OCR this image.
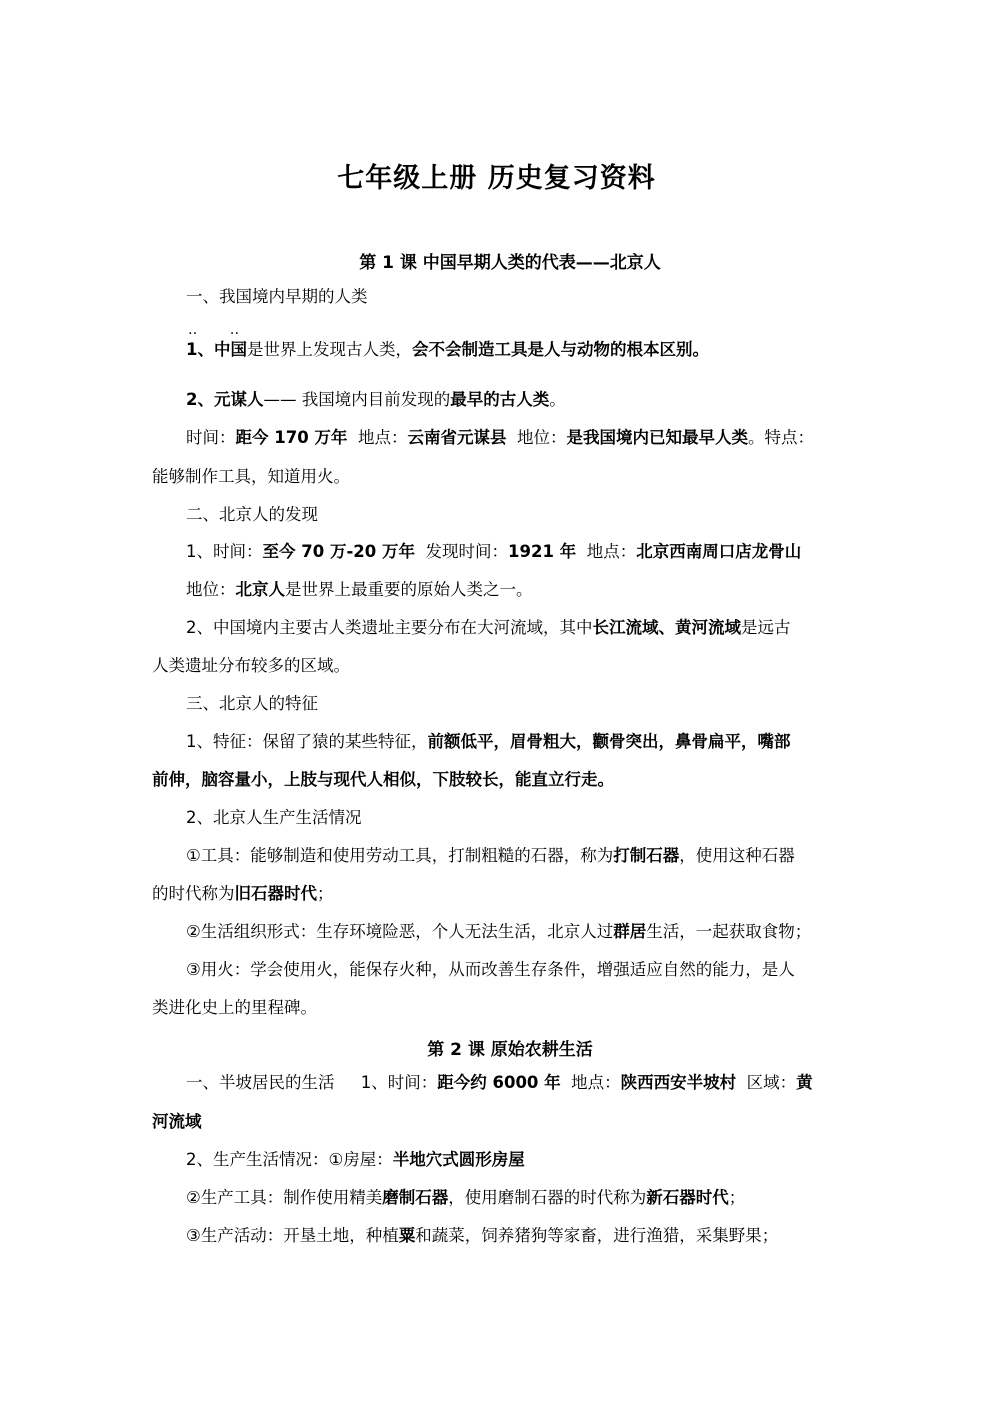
七年级上册 历史复习资料
第 1 课 中国早期人类的代表——北京人
一、我国境内早期的人类
‥ ‥
1、中国是世界上发现古人类，会不会制造工具是人与动物的根本区别。
2、元谋人—— 我国境内目前发现的最早的古人类。
时间：距今 170 万年 地点：云南省元谋县 地位：是我国境内已知最早人类。特点：
能够制作工具，知道用火。
二、北京人的发现
1、时间：至今 70 万-20 万年 发现时间：1921 年 地点：北京西南周口店龙骨山
地位：北京人是世界上最重要的原始人类之一。
2、中国境内主要古人类遗址主要分布在大河流域，其中长江流域、黄河流域是远古
人类遗址分布较多的区域。
三、北京人的特征
1、特征：保留了猿的某些特征，前额低平，眉骨粗大，颧骨突出，鼻骨扁平，嘴部
前伸，脑容量小，上肢与现代人相似，下肢较长，能直立行走。
2、北京人生产生活情况
①工具：能够制造和使用劳动工具，打制粗糙的石器，称为打制石器，使用这种石器
的时代称为旧石器时代；
②生活组织形式：生存环境险恶，个人无法生活，北京人过群居生活，一起获取食物；
③用火：学会使用火，能保存火种，从而改善生存条件，增强适应自然的能力，是人
类进化史上的里程碑。
第 2 课 原始农耕生活
一、半坡居民的生活 1、时间：距今约 6000 年 地点：陕西西安半坡村 区域：黄
河流域
2、生产生活情况：①房屋：半地穴式圆形房屋
②生产工具：制作使用精美磨制石器，使用磨制石器的时代称为新石器时代；
③生产活动：开垦土地，种植粟和蔬菜，饲养猪狗等家畜，进行渔猎，采集野果；
